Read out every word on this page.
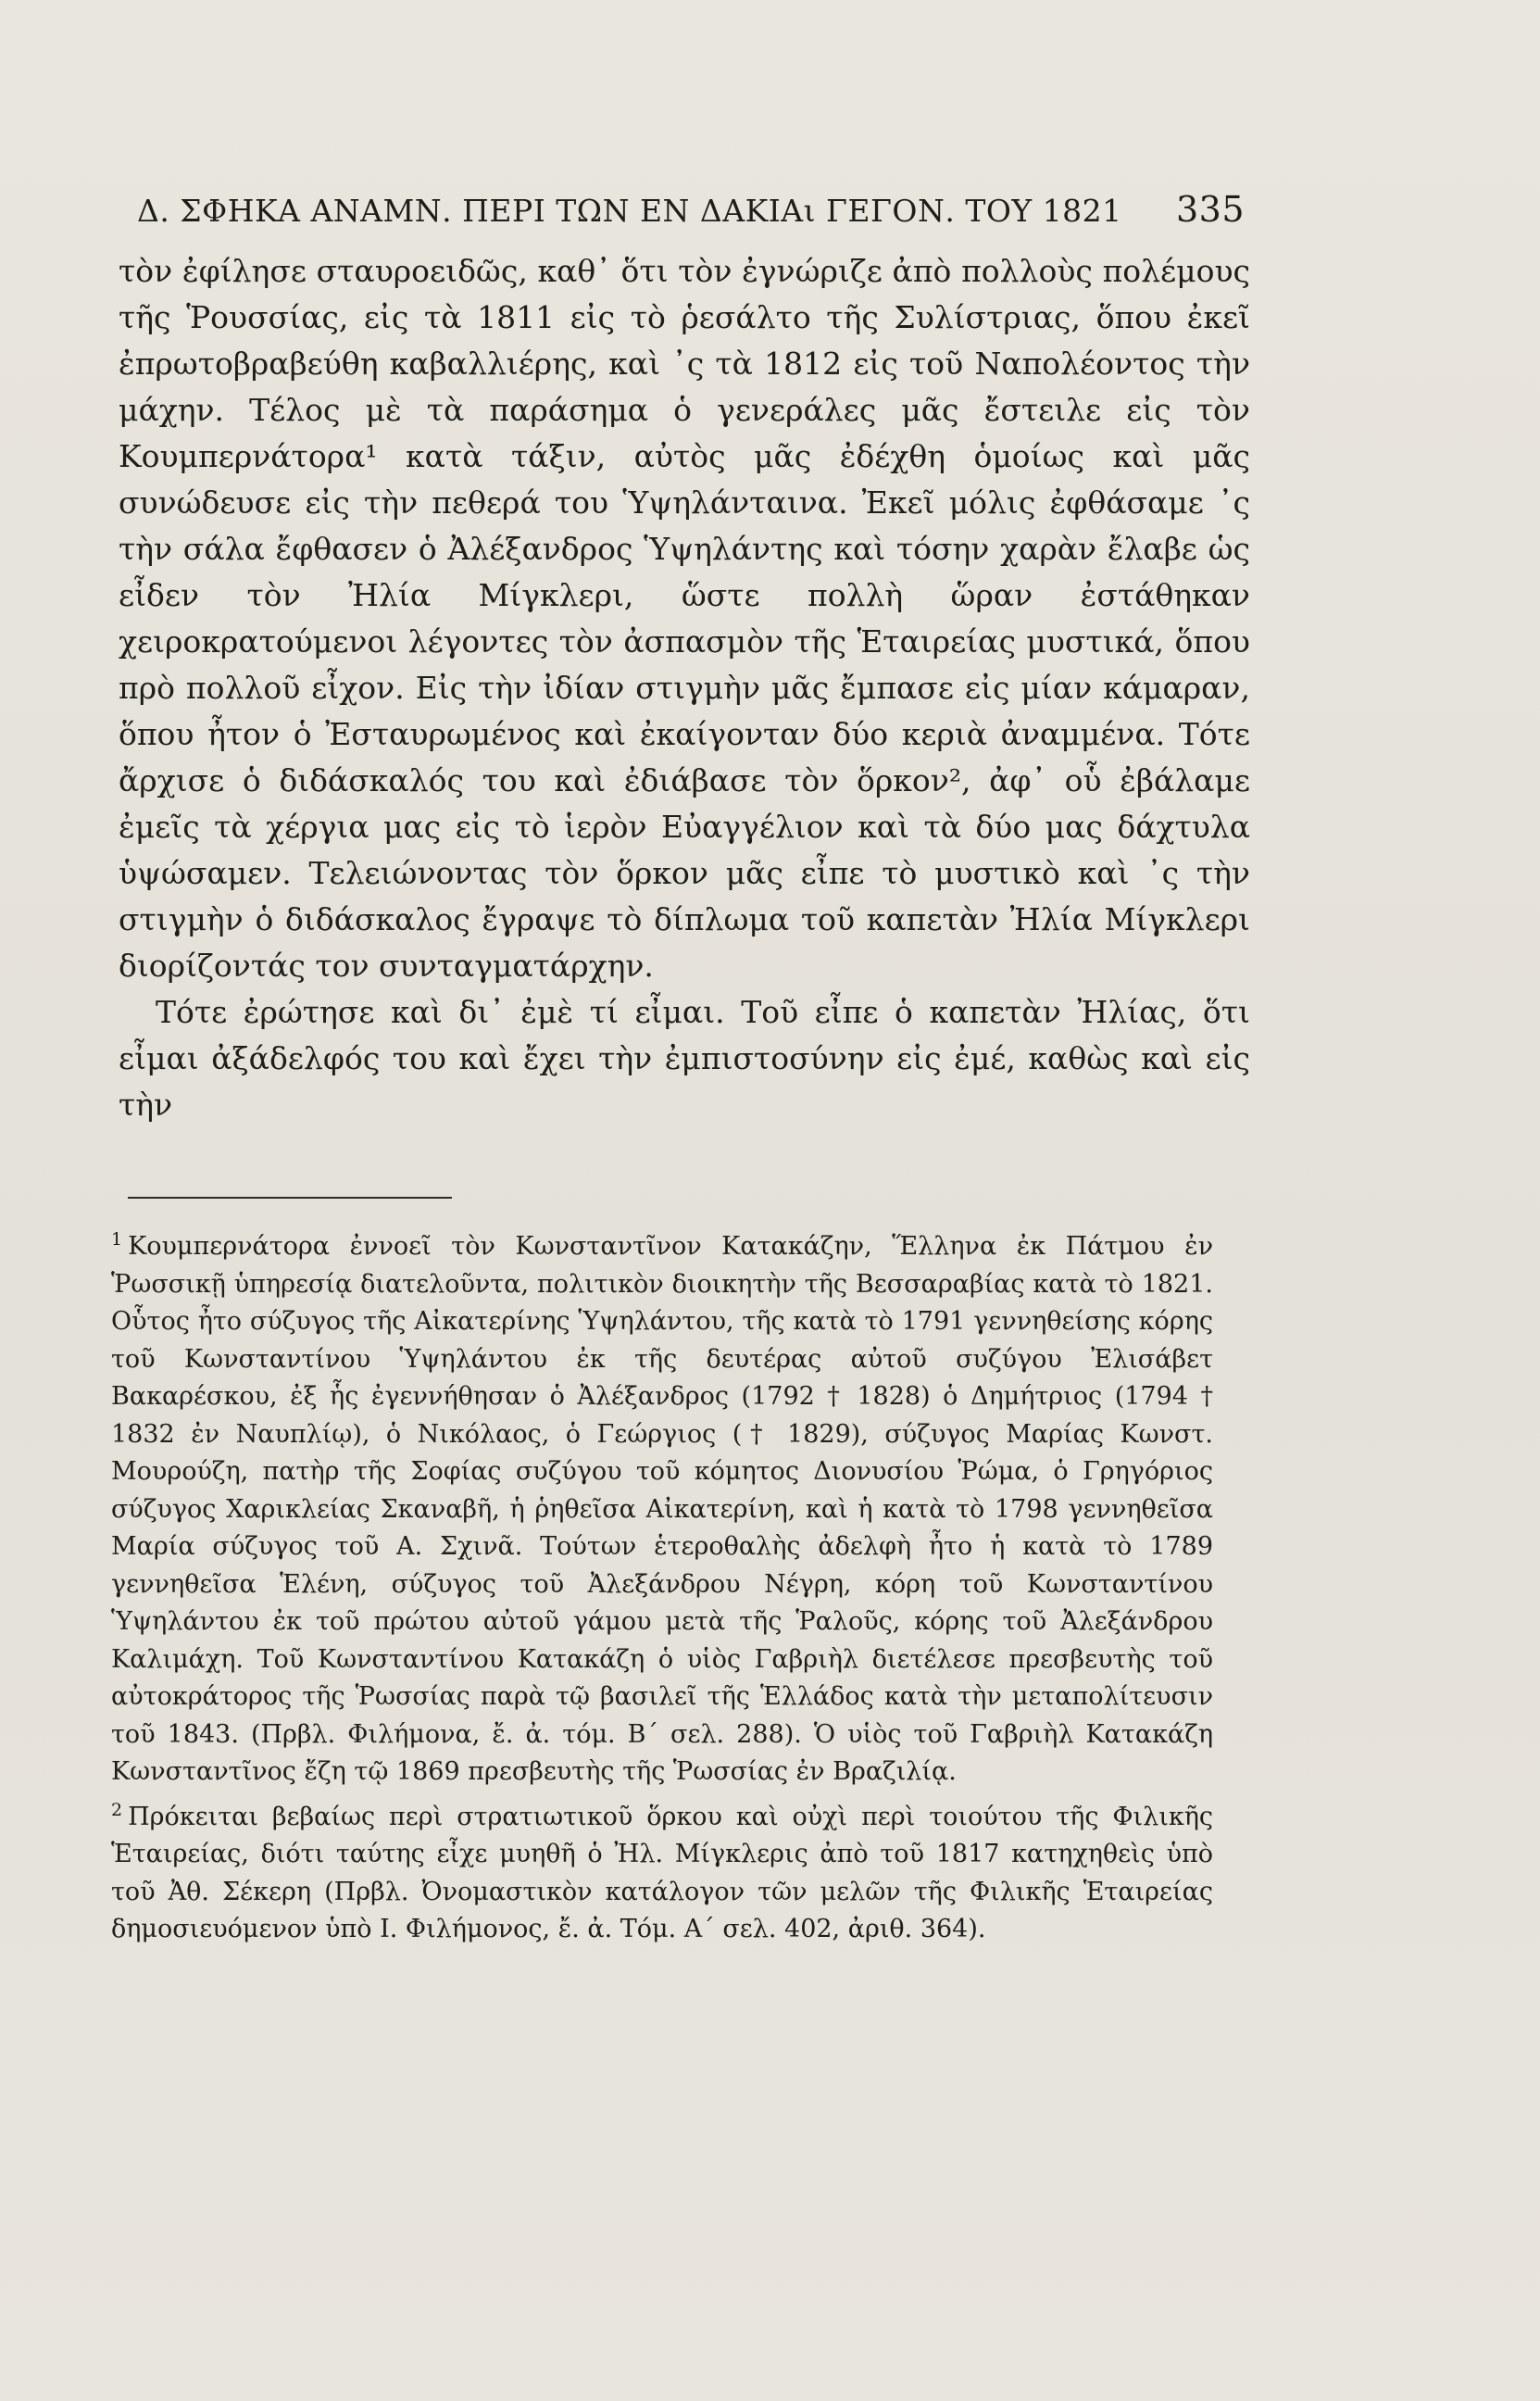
Δ. ΣΦΗΚΑ ΑΝΑΜΝ. ΠΕΡΙ ΤΩΝ ΕΝ ΔΑΚΙΑι ΓΕΓΟΝ. ΤΟΥ 1821 335

τὸν ἐφίλησε σταυροειδῶς, καθ᾽ ὅτι τὸν ἐγνώριζε ἀπὸ πολλοὺς πολέμους τῆς Ῥουσσίας, εἰς τὰ 1811 εἰς τὸ ῥεσάλτο τῆς Συλίστριας, ὅπου ἐκεῖ ἐπρωτοβραβεύθη καβαλλιέρης, καὶ ᾽ς τὰ 1812 εἰς τοῦ Ναπολέοντος τὴν μάχην. Τέλος μὲ τὰ παράσημα ὁ γενεράλες μᾶς ἔστειλε εἰς τὸν Κουμπερνάτορα¹ κατὰ τάξιν, αὐτὸς μᾶς ἐδέχθη ὁμοίως καὶ μᾶς συνώδευσε εἰς τὴν πεθερά του Ὑψηλάνταινα. Ἐκεῖ μόλις ἐφθάσαμε ᾽ς τὴν σάλα ἔφθασεν ὁ Ἀλέξανδρος Ὑψηλάντης καὶ τόσην χαρὰν ἔλαβε ὡς εἶδεν τὸν Ἠλία Μίγκλερι, ὥστε πολλὴ ὥραν ἐστάθηκαν χειροκρατούμενοι λέγοντες τὸν ἀσπασμὸν τῆς Ἑταιρείας μυστικά, ὅπου πρὸ πολλοῦ εἶχον. Εἰς τὴν ἰδίαν στιγμὴν μᾶς ἔμπασε εἰς μίαν κάμαραν, ὅπου ἦτον ὁ Ἐσταυρωμένος καὶ ἐκαίγονταν δύο κεριὰ ἀναμμένα. Τότε ἄρχισε ὁ διδάσκαλός του καὶ ἐδιάβασε τὸν ὅρκον², ἀφ᾽ οὗ ἐβάλαμε ἐμεῖς τὰ χέργια μας εἰς τὸ ἱερὸν Εὐαγγέλιον καὶ τὰ δύο μας δάχτυλα ὑψώσαμεν. Τελειώνοντας τὸν ὅρκον μᾶς εἶπε τὸ μυστικὸ καὶ ᾽ς τὴν στιγμὴν ὁ διδάσκαλος ἔγραψε τὸ δίπλωμα τοῦ καπετὰν Ἠλία Μίγκλερι διορίζοντάς τον συνταγματάρχην.

Τότε ἐρώτησε καὶ δι᾽ ἐμὲ τί εἶμαι. Τοῦ εἶπε ὁ καπετὰν Ἠλίας, ὅτι εἶμαι ἀξάδελφός του καὶ ἔχει τὴν ἐμπιστοσύνην εἰς ἐμέ, καθὼς καὶ εἰς τὴν

$^1$ Κουμπερνάτορα ἐννοεῖ τὸν Κωνσταντῖνον Κατακάζην, Ἕλληνα ἐκ Πάτμου ἐν Ῥωσσικῇ ὑπηρεσίᾳ διατελοῦντα, πολιτικὸν διοικητὴν τῆς Βεσσαραβίας κατὰ τὸ 1821. Οὗτος ἦτο σύζυγος τῆς Αἰκατερίνης Ὑψηλάντου, τῆς κατὰ τὸ 1791 γεννηθείσης κόρης τοῦ Κωνσταντίνου Ὑψηλάντου ἐκ τῆς δευτέρας αὐτοῦ συζύγου Ἐλισάβετ Βακαρέσκου, ἐξ ἧς ἐγεννήθησαν ὁ Ἀλέξανδρος (1792 † 1828) ὁ Δημήτριος (1794 † 1832 ἐν Ναυπλίῳ), ὁ Νικόλαος, ὁ Γεώργιος († 1829), σύζυγος Μαρίας Κωνστ. Μουρούζη, πατὴρ τῆς Σοφίας συζύγου τοῦ κόμητος Διονυσίου Ῥώμα, ὁ Γρηγόριος σύζυγος Χαρικλείας Σκαναβῆ, ἡ ῥηθεῖσα Αἰκατερίνη, καὶ ἡ κατὰ τὸ 1798 γεννηθεῖσα Μαρία σύζυγος τοῦ Α. Σχινᾶ. Τούτων ἑτεροθαλὴς ἀδελφὴ ἦτο ἡ κατὰ τὸ 1789 γεννηθεῖσα Ἑλένη, σύζυγος τοῦ Ἀλεξάνδρου Νέγρη, κόρη τοῦ Κωνσταντίνου Ὑψηλάντου ἐκ τοῦ πρώτου αὐτοῦ γάμου μετὰ τῆς Ῥαλοῦς, κόρης τοῦ Ἀλεξάνδρου Καλιμάχη. Τοῦ Κωνσταντίνου Κατακάζη ὁ υἱὸς Γαβριὴλ διετέλεσε πρεσβευτὴς τοῦ αὐτοκράτορος τῆς Ῥωσσίας παρὰ τῷ βασιλεῖ τῆς Ἑλλάδος κατὰ τὴν μεταπολίτευσιν τοῦ 1843. (Πρβλ. Φιλήμονα, ἔ. ἀ. τόμ. Β´ σελ. 288). Ὁ υἱὸς τοῦ Γαβριὴλ Κατακάζη Κωνσταντῖνος ἔζη τῷ 1869 πρεσβευτὴς τῆς Ῥωσσίας ἐν Βραζιλίᾳ.

$^2$ Πρόκειται βεβαίως περὶ στρατιωτικοῦ ὅρκου καὶ οὐχὶ περὶ τοιούτου τῆς Φιλικῆς Ἑταιρείας, διότι ταύτης εἶχε μυηθῆ ὁ Ἠλ. Μίγκλερις ἀπὸ τοῦ 1817 κατηχηθεὶς ὑπὸ τοῦ Ἀθ. Σέκερη (Πρβλ. Ὀνομαστικὸν κατάλογον τῶν μελῶν τῆς Φιλικῆς Ἑταιρείας δημοσιευόμενον ὑπὸ Ι. Φιλήμονος, ἔ. ἀ. Τόμ. Α´ σελ. 402, ἀριθ. 364).
